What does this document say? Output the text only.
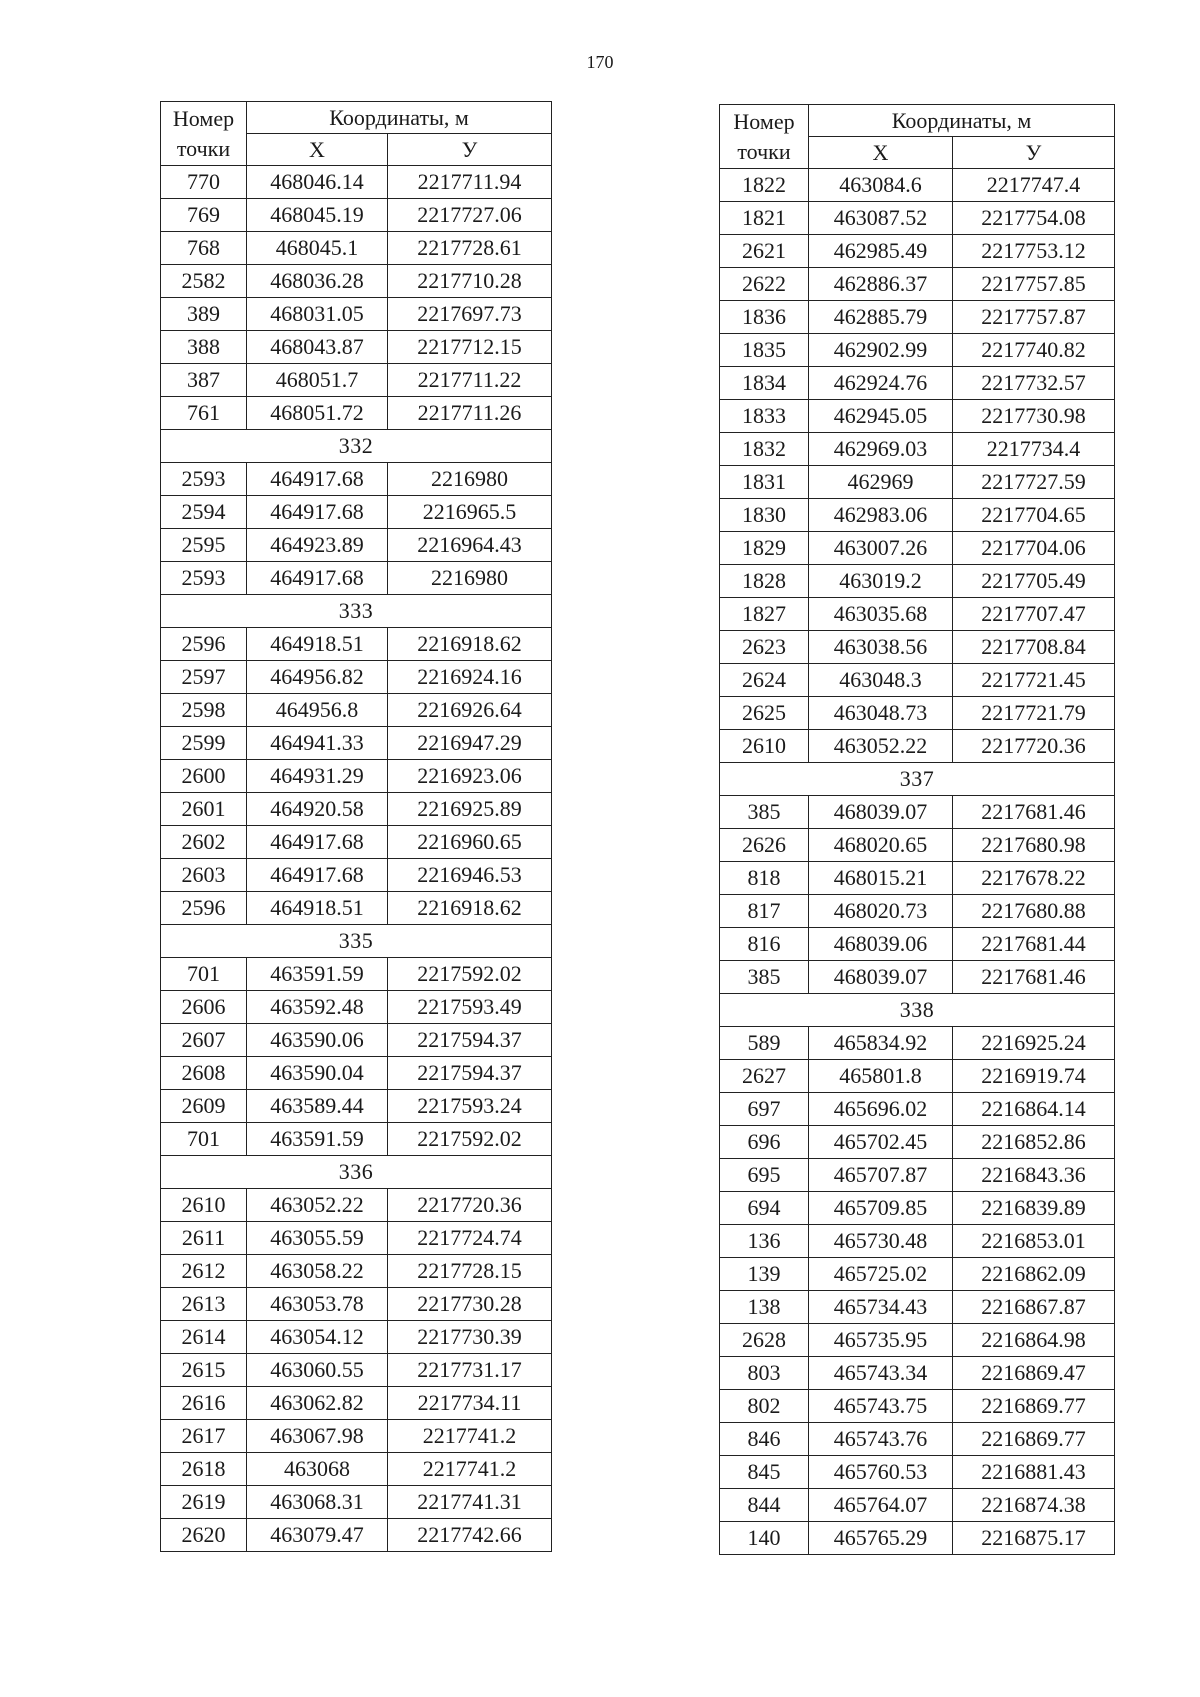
170
Номер точки	Координаты, м	
	Х	У
770	468046.14	2217711.94
769	468045.19	2217727.06
768	468045.1	2217728.61
2582	468036.28	2217710.28
389	468031.05	2217697.73
388	468043.87	2217712.15
387	468051.7	2217711.22
761	468051.72	2217711.26
332		
2593	464917.68	2216980
2594	464917.68	2216965.5
2595	464923.89	2216964.43
2593	464917.68	2216980
333		
2596	464918.51	2216918.62
2597	464956.82	2216924.16
2598	464956.8	2216926.64
2599	464941.33	2216947.29
2600	464931.29	2216923.06
2601	464920.58	2216925.89
2602	464917.68	2216960.65
2603	464917.68	2216946.53
2596	464918.51	2216918.62
335		
701	463591.59	2217592.02
2606	463592.48	2217593.49
2607	463590.06	2217594.37
2608	463590.04	2217594.37
2609	463589.44	2217593.24
701	463591.59	2217592.02
336		
2610	463052.22	2217720.36
2611	463055.59	2217724.74
2612	463058.22	2217728.15
2613	463053.78	2217730.28
2614	463054.12	2217730.39
2615	463060.55	2217731.17
2616	463062.82	2217734.11
2617	463067.98	2217741.2
2618	463068	2217741.2
2619	463068.31	2217741.31
2620	463079.47	2217742.66
Номер точки	Координаты, м	
	Х	У
1822	463084.6	2217747.4
1821	463087.52	2217754.08
2621	462985.49	2217753.12
2622	462886.37	2217757.85
1836	462885.79	2217757.87
1835	462902.99	2217740.82
1834	462924.76	2217732.57
1833	462945.05	2217730.98
1832	462969.03	2217734.4
1831	462969	2217727.59
1830	462983.06	2217704.65
1829	463007.26	2217704.06
1828	463019.2	2217705.49
1827	463035.68	2217707.47
2623	463038.56	2217708.84
2624	463048.3	2217721.45
2625	463048.73	2217721.79
2610	463052.22	2217720.36
337		
385	468039.07	2217681.46
2626	468020.65	2217680.98
818	468015.21	2217678.22
817	468020.73	2217680.88
816	468039.06	2217681.44
385	468039.07	2217681.46
338		
589	465834.92	2216925.24
2627	465801.8	2216919.74
697	465696.02	2216864.14
696	465702.45	2216852.86
695	465707.87	2216843.36
694	465709.85	2216839.89
136	465730.48	2216853.01
139	465725.02	2216862.09
138	465734.43	2216867.87
2628	465735.95	2216864.98
803	465743.34	2216869.47
802	465743.75	2216869.77
846	465743.76	2216869.77
845	465760.53	2216881.43
844	465764.07	2216874.38
140	465765.29	2216875.17
